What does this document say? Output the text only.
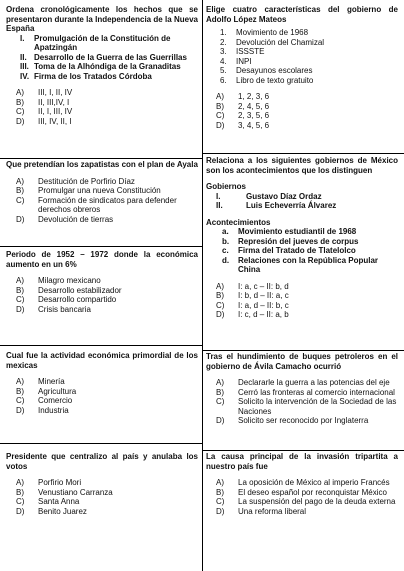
Ordena cronológicamente los hechos que se presentaron durante la Independencia de la Nueva España
I.	Promulgación de la Constitución de Apatzingán
II. Desarrollo de la Guerra de las Guerrillas
III. Toma de la Alhóndiga de la Granaditas
IV. Firma de los Tratados Córdoba
A)	III, I, II, IV
B)	II, III,IV, I
C)	II, I, III, IV
D)	III, IV, II, I
Que pretendían los zapatistas con el plan de Ayala
A)	Destitución de Porfirio Díaz
B)	Promulgar una nueva Constitución
C)	Formación de sindicatos para defender derechos obreros
D)	Devolución de tierras
Periodo de 1952 – 1972 donde la económica aumento en un 6%
A)	Milagro mexicano
B)	Desarrollo estabilizador
C)	Desarrollo compartido
D)	Crisis bancaria
Cual fue la actividad económica primordial de los mexicas
A)	Minería
B)	Agricultura
C)	Comercio
D)	Industria
Presidente que centralizo al país y anulaba los votos
A)	Porfirio Mori
B)	Venustiano Carranza
C)	Santa Anna
D)	Benito Juarez
Elige cuatro características del gobierno de Adolfo López Mateos
1.	Movimiento de 1968
2.	Devolución del Chamizal
3.	ISSSTE
4.	INPI
5.	Desayunos escolares
6.	Libro de texto gratuito
A)	1, 2, 3, 6
B)	2, 4, 5, 6
C)	2, 3, 5, 6
D)	3, 4, 5, 6
Relaciona a los siguientes gobiernos de México son los acontecimientos que los distinguen
Gobiernos
I.	Gustavo Díaz Ordaz
II.	Luis Echeverría Álvarez
Acontecimientos
a.	Movimiento estudiantil de 1968
b.	Represión del jueves de corpus
c.	Firma del Tratado de Tlatelolco
d.	Relaciones con la República Popular China
A)	I: a, c – II: b, d
B)	I: b, d – II: a, c
C)	I: a, d – II: b, c
D)	I: c, d – II: a, b
Tras el hundimiento de buques petroleros en el gobierno de Ávila Camacho ocurrió
A)	Declararle la guerra a las potencias del eje
B)	Cerró las fronteras al comercio internacional
C)	Solicito la intervención de la Sociedad de las Naciones
D)	Solicito ser reconocido por Inglaterra
La causa principal de la invasión tripartita a nuestro país fue
A)	La oposición de México al imperio Francés
B)	El deseo español por reconquistar México
C)	La suspensión del pago de la deuda externa
D)	Una reforma liberal
